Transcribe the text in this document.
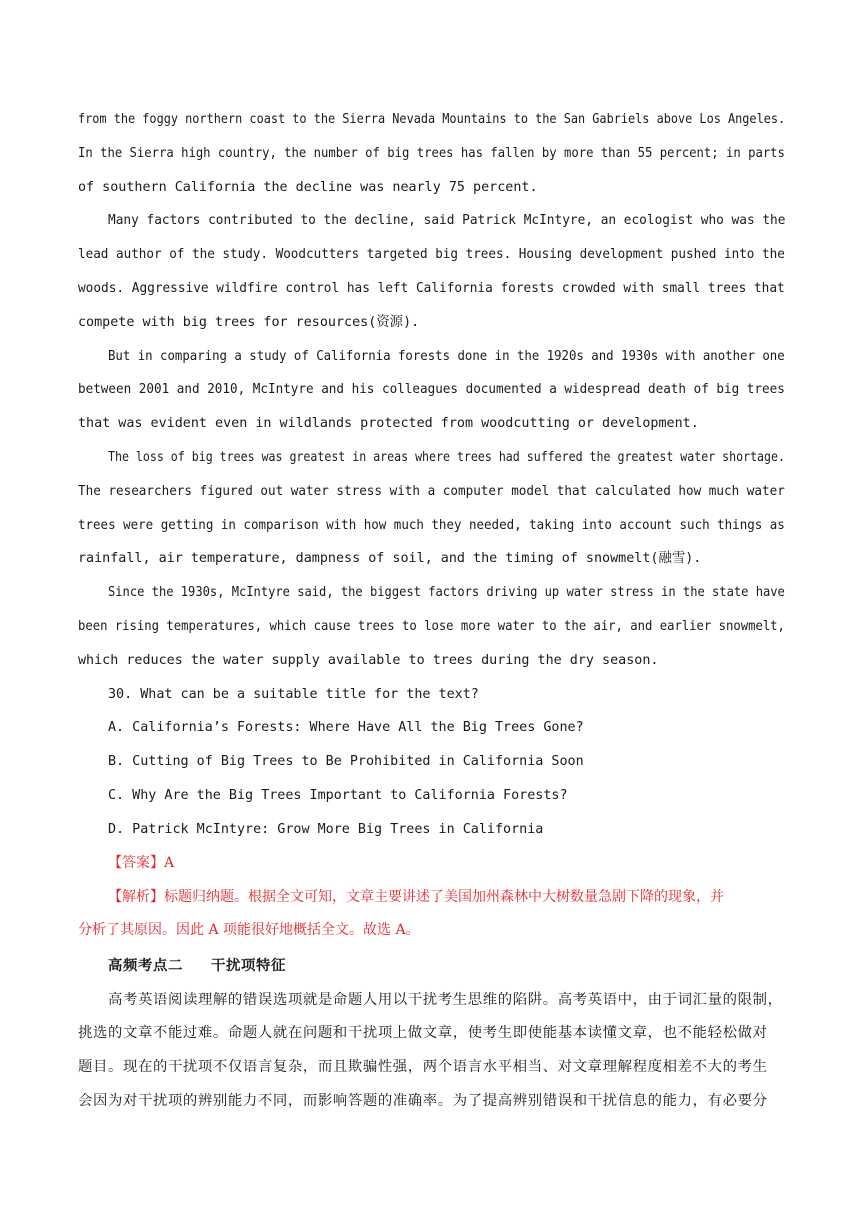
from the foggy northern coast to the Sierra Nevada Mountains to the San Gabriels above Los Angeles.
In the Sierra high country, the number of big trees has fallen by more than 55 percent; in parts
of southern California the decline was nearly 75 percent.
Many factors contributed to the decline, said Patrick McIntyre, an ecologist who was the
lead author of the study. Woodcutters targeted big trees. Housing development pushed into the
woods. Aggressive wildfire control has left California forests crowded with small trees that
compete with big trees for resources(资源).
But in comparing a study of California forests done in the 1920s and 1930s with another one
between 2001 and 2010, McIntyre and his colleagues documented a widespread death of big trees
that was evident even in wildlands protected from woodcutting or development.
The loss of big trees was greatest in areas where trees had suffered the greatest water shortage.
The researchers figured out water stress with a computer model that calculated how much water
trees were getting in comparison with how much they needed, taking into account such things as
rainfall, air temperature, dampness of soil, and the timing of snowmelt(融雪).
Since the 1930s, McIntyre said, the biggest factors driving up water stress in the state have
been rising temperatures, which cause trees to lose more water to the air, and earlier snowmelt,
which reduces the water supply available to trees during the dry season.
30. What can be a suitable title for the text?
A. California’s Forests: Where Have All the Big Trees Gone?
B. Cutting of Big Trees to Be Prohibited in California Soon
C. Why Are the Big Trees Important to California Forests?
D. Patrick McIntyre: Grow More Big Trees in California
【答案】A
【解析】标题归纳题。根据全文可知，文章主要讲述了美国加州森林中大树数量急剧下降的现象，并
分析了其原因。因此 A 项能很好地概括全文。故选 A。
高频考点二     干扰项特征
高考英语阅读理解的错误选项就是命题人用以干扰考生思维的陷阱。高考英语中，由于词汇量的限制，
挑选的文章不能过难。命题人就在问题和干扰项上做文章，使考生即使能基本读懂文章，也不能轻松做对
题目。现在的干扰项不仅语言复杂，而且欺骗性强，两个语言水平相当、对文章理解程度相差不大的考生
会因为对干扰项的辨别能力不同，而影响答题的准确率。为了提高辨别错误和干扰信息的能力，有必要分
